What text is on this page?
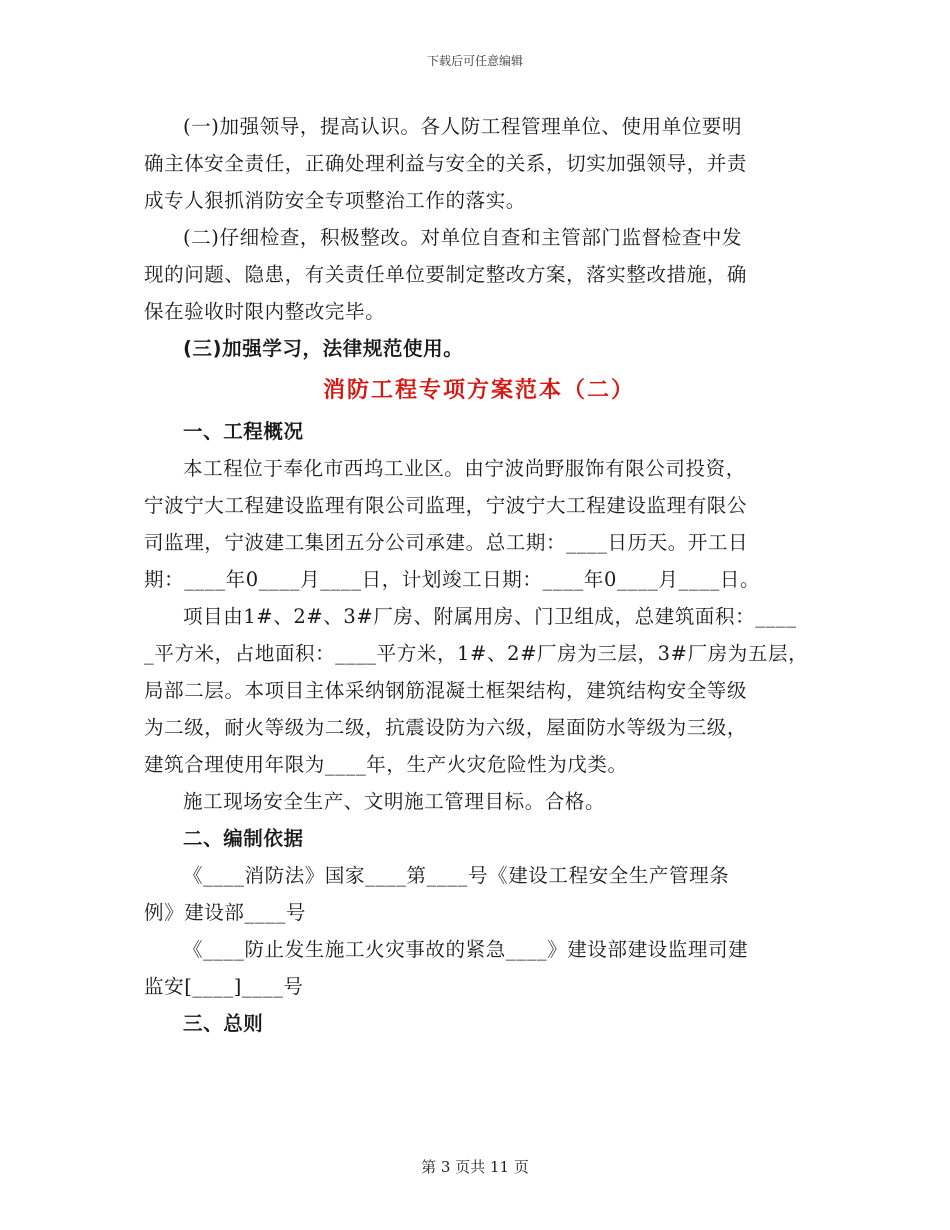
下载后可任意编辑

(一)加强领导，提高认识。各人防工程管理单位、使用单位要明
确主体安全责任，正确处理利益与安全的关系，切实加强领导，并责
成专人狠抓消防安全专项整治工作的落实。

(二)仔细检查，积极整改。对单位自查和主管部门监督检查中发
现的问题、隐患，有关责任单位要制定整改方案，落实整改措施，确
保在验收时限内整改完毕。

(三)加强学习，法律规范使用。

消防工程专项方案范本（二）

一、工程概况

本工程位于奉化市西坞工业区。由宁波尚野服饰有限公司投资，
宁波宁大工程建设监理有限公司监理，宁波宁大工程建设监理有限公
司监理，宁波建工集团五分公司承建。总工期：____日历天。开工日
期：____年0____月____日，计划竣工日期：____年0____月____日。

项目由1#、2#、3#厂房、附属用房、门卫组成，总建筑面积：____
_平方米，占地面积：____平方米，1#、2#厂房为三层，3#厂房为五层，
局部二层。本项目主体采纳钢筋混凝土框架结构，建筑结构安全等级
为二级，耐火等级为二级，抗震设防为六级，屋面防水等级为三级，
建筑合理使用年限为____年，生产火灾危险性为戊类。

施工现场安全生产、文明施工管理目标。合格。

二、编制依据

《____消防法》国家____第____号《建设工程安全生产管理条
例》建设部____号

《____防止发生施工火灾事故的紧急____》建设部建设监理司建
监安[____]____号

三、总则

第 3 页共 11 页
